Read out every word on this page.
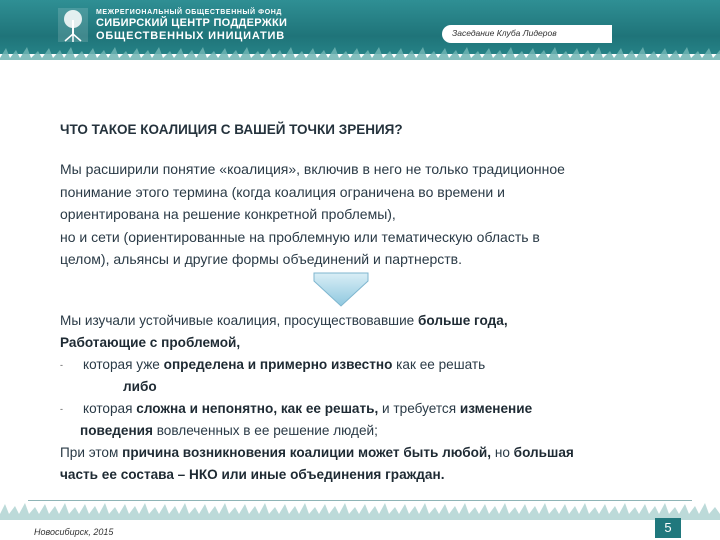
МЕЖРЕГИОНАЛЬНЫЙ ОБЩЕСТВЕННЫЙ ФОНД
СИБИРСКИЙ ЦЕНТР ПОДДЕРЖКИ
ОБЩЕСТВЕННЫХ ИНИЦИАТИВ	Заседание Клуба Лидеров
ЧТО ТАКОЕ КОАЛИЦИЯ С ВАШЕЙ ТОЧКИ ЗРЕНИЯ?
Мы расширили понятие «коалиция», включив в него не только традиционное
понимание этого термина (когда коалиция ограничена во времени и
ориентирована на решение конкретной проблемы),
но и сети (ориентированные на проблемную или тематическую область в
целом), альянсы и другие формы объединений и партнерств.
Мы изучали устойчивые коалиция, просуществовавшие больше года,
Работающие с проблемой,
- которая уже определена и примерно известно как ее решать
либо
- которая сложна и непонятно, как ее решать, и требуется изменение
поведения вовлеченных в ее решение людей;
При этом причина возникновения коалиции может быть любой, но большая
часть ее состава – НКО или иные объединения граждан.
Новосибирск, 2015	5
